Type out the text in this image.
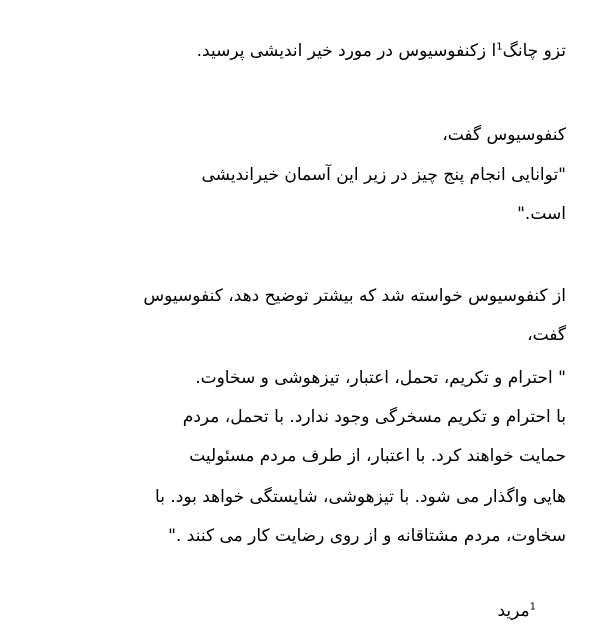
تزو چانگ$^1$ا زکنفوسیوس در مورد خیر اندیشی پرسید.
کنفوسیوس گفت،
"توانایی انجام پنج چیز در زیر این آسمان خیراندیشی
است."
از کنفوسیوس خواسته شد که بیشتر توضیح دهد، کنفوسیوس
گفت،
" احترام و تکریم، تحمل، اعتبار، تیزهوشی و سخاوت.
با احترام و تکریم مسخرگی وجود ندارد. با تحمل، مردم
حمایت خواهند کرد. با اعتبار، از طرف مردم مسئولیت
هایی واگذار می شود. با تیزهوشی، شایستگی خواهد بود. با
سخاوت، مردم مشتاقانه و از روی رضایت کار می کنند ."
$^1$مرید
